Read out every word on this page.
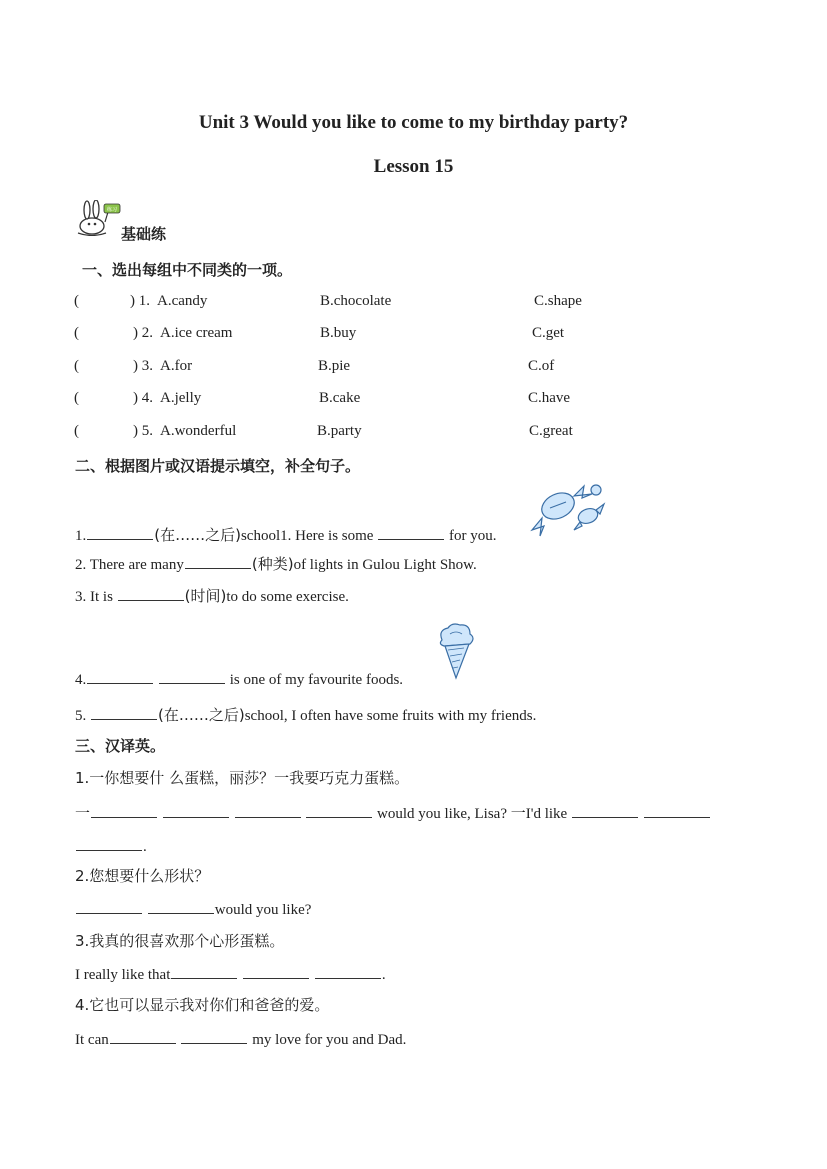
Unit 3 Would you like to come to my birthday party?
Lesson 15
练习
基础练
一、选出每组中不同类的一项。
(	) 1. A.candy	B.chocolate	C.shape
(	) 2. A.ice cream	B.buy	C.get
(	) 3. A.for	B.pie	C.of
(	) 4. A.jelly	B.cake	C.have
(	) 5. A.wonderful	B.party	C.great
二、根据图片或汉语提示填空，补全句子。
1.	(在……之后)school1. Here is some	for you.
2. There are many	(种类)of lights in Gulou Light Show.
3. It is	(时间)to do some exercise.
4.	is one of my favourite foods.
5.	(在……之后)school, I often have some fruits with my friends.
三、汉译英。
1.一你想要什 么蛋糕，丽莎？一我要巧克力蛋糕。
一	would you like, Lisa? 一I'd like
.
2.您想要什么形状？
would you like?
3.我真的很喜欢那个心形蛋糕。
I really like that	.
4.它也可以显示我对你们和爸爸的爱。
It can	my love for you and Dad.
